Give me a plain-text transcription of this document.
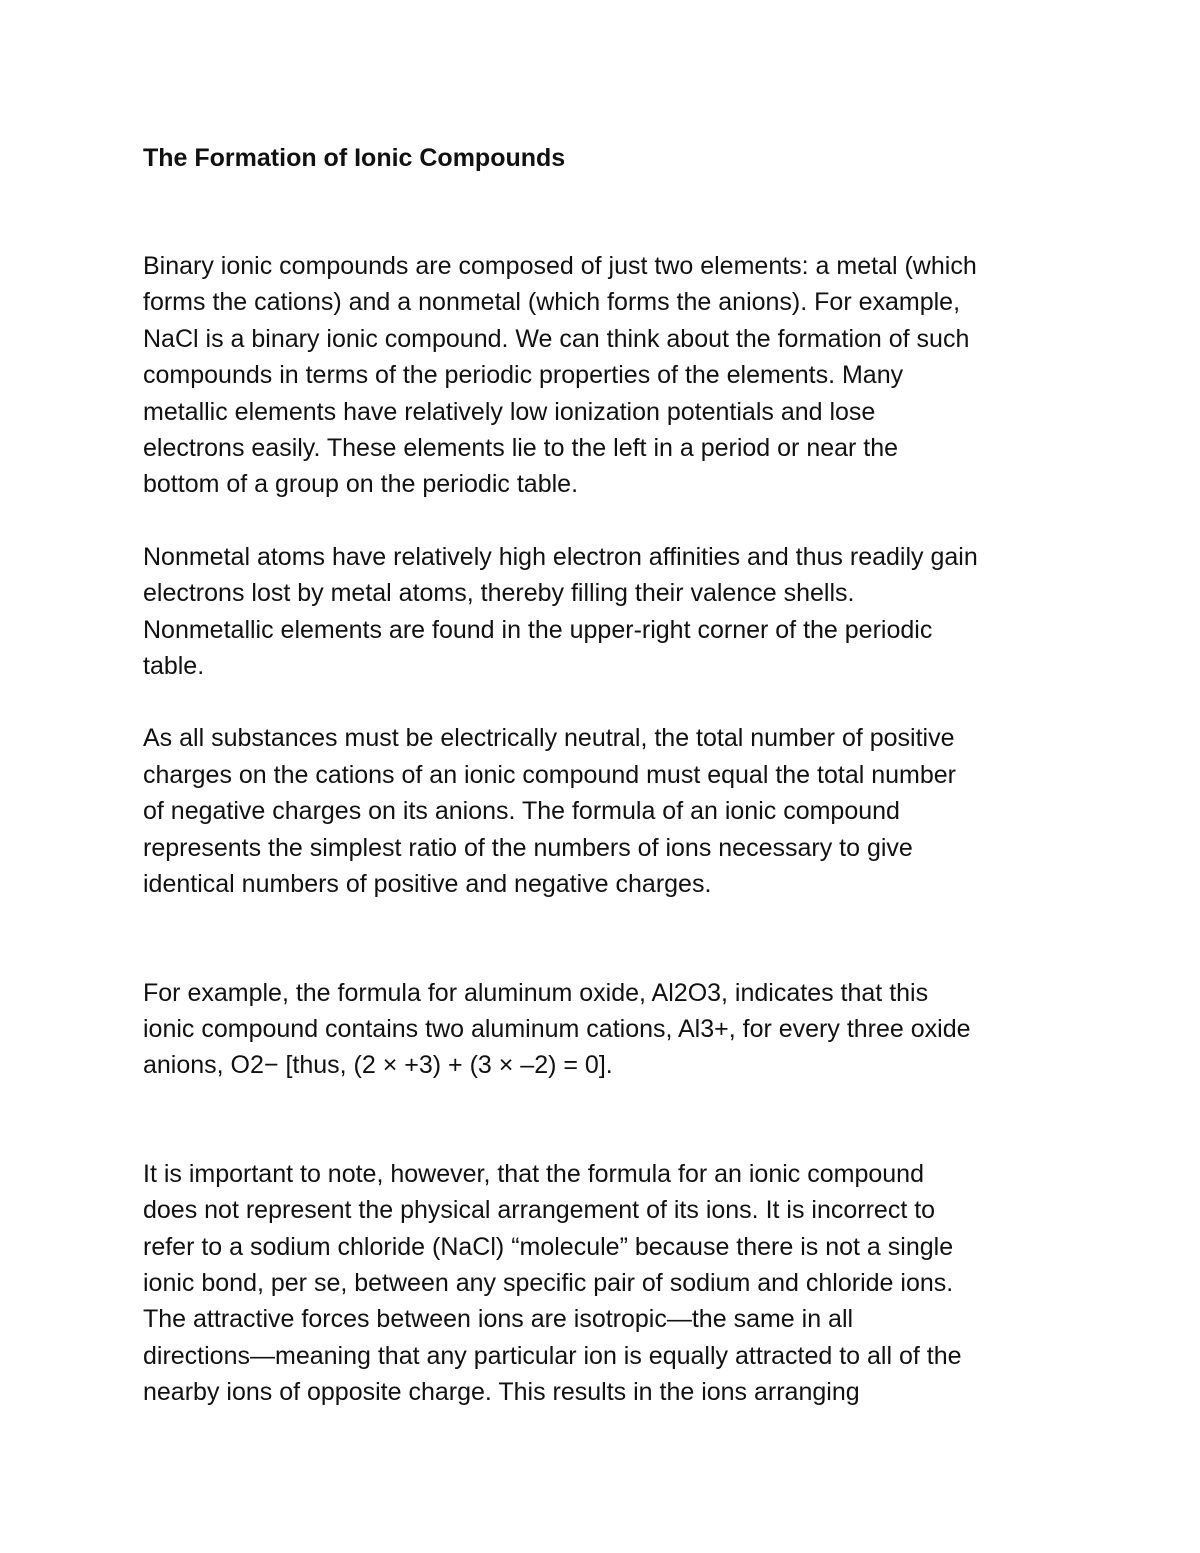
The Formation of Ionic Compounds

Binary ionic compounds are composed of just two elements: a metal (which
forms the cations) and a nonmetal (which forms the anions). For example,
NaCl is a binary ionic compound. We can think about the formation of such
compounds in terms of the periodic properties of the elements. Many
metallic elements have relatively low ionization potentials and lose
electrons easily. These elements lie to the left in a period or near the
bottom of a group on the periodic table.

Nonmetal atoms have relatively high electron affinities and thus readily gain
electrons lost by metal atoms, thereby filling their valence shells.
Nonmetallic elements are found in the upper-right corner of the periodic
table.

As all substances must be electrically neutral, the total number of positive
charges on the cations of an ionic compound must equal the total number
of negative charges on its anions. The formula of an ionic compound
represents the simplest ratio of the numbers of ions necessary to give
identical numbers of positive and negative charges.

For example, the formula for aluminum oxide, Al2O3, indicates that this
ionic compound contains two aluminum cations, Al3+, for every three oxide
anions, O2− [thus, (2 × +3) + (3 × –2) = 0].

It is important to note, however, that the formula for an ionic compound
does not represent the physical arrangement of its ions. It is incorrect to
refer to a sodium chloride (NaCl) “molecule” because there is not a single
ionic bond, per se, between any specific pair of sodium and chloride ions.
The attractive forces between ions are isotropic—the same in all
directions—meaning that any particular ion is equally attracted to all of the
nearby ions of opposite charge. This results in the ions arranging
